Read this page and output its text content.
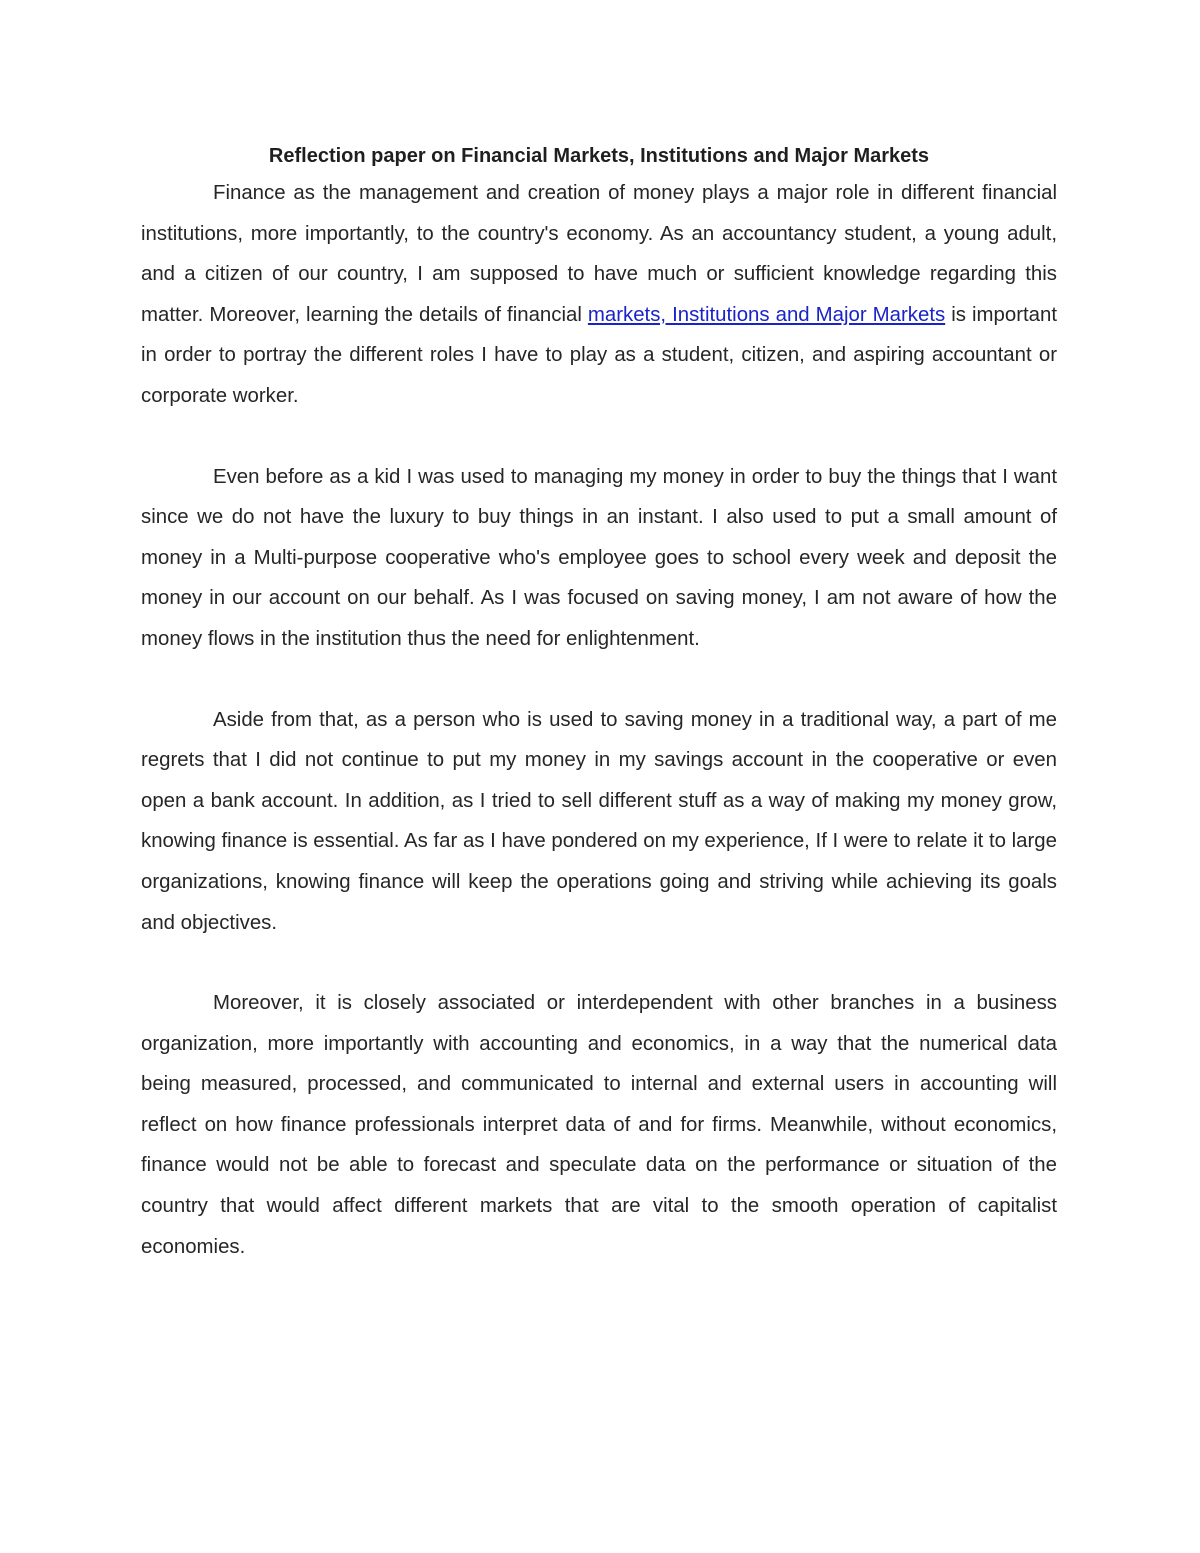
Reflection paper on Financial Markets, Institutions and Major Markets

Finance as the management and creation of money plays a major role in different financial institutions, more importantly, to the country's economy. As an accountancy student, a young adult, and a citizen of our country, I am supposed to have much or sufficient knowledge regarding this matter. Moreover, learning the details of financial markets, Institutions and Major Markets is important in order to portray the different roles I have to play as a student, citizen, and aspiring accountant or corporate worker.

Even before as a kid I was used to managing my money in order to buy the things that I want since we do not have the luxury to buy things in an instant. I also used to put a small amount of money in a Multi-purpose cooperative who's employee goes to school every week and deposit the money in our account on our behalf. As I was focused on saving money, I am not aware of how the money flows in the institution thus the need for enlightenment.

Aside from that, as a person who is used to saving money in a traditional way, a part of me regrets that I did not continue to put my money in my savings account in the cooperative or even open a bank account. In addition, as I tried to sell different stuff as a way of making my money grow, knowing finance is essential. As far as I have pondered on my experience, If I were to relate it to large organizations, knowing finance will keep the operations going and striving while achieving its goals and objectives.

Moreover, it is closely associated or interdependent with other branches in a business organization, more importantly with accounting and economics, in a way that the numerical data being measured, processed, and communicated to internal and external users in accounting will reflect on how finance professionals interpret data of and for firms. Meanwhile, without economics, finance would not be able to forecast and speculate data on the performance or situation of the country that would affect different markets that are vital to the smooth operation of capitalist economies.
